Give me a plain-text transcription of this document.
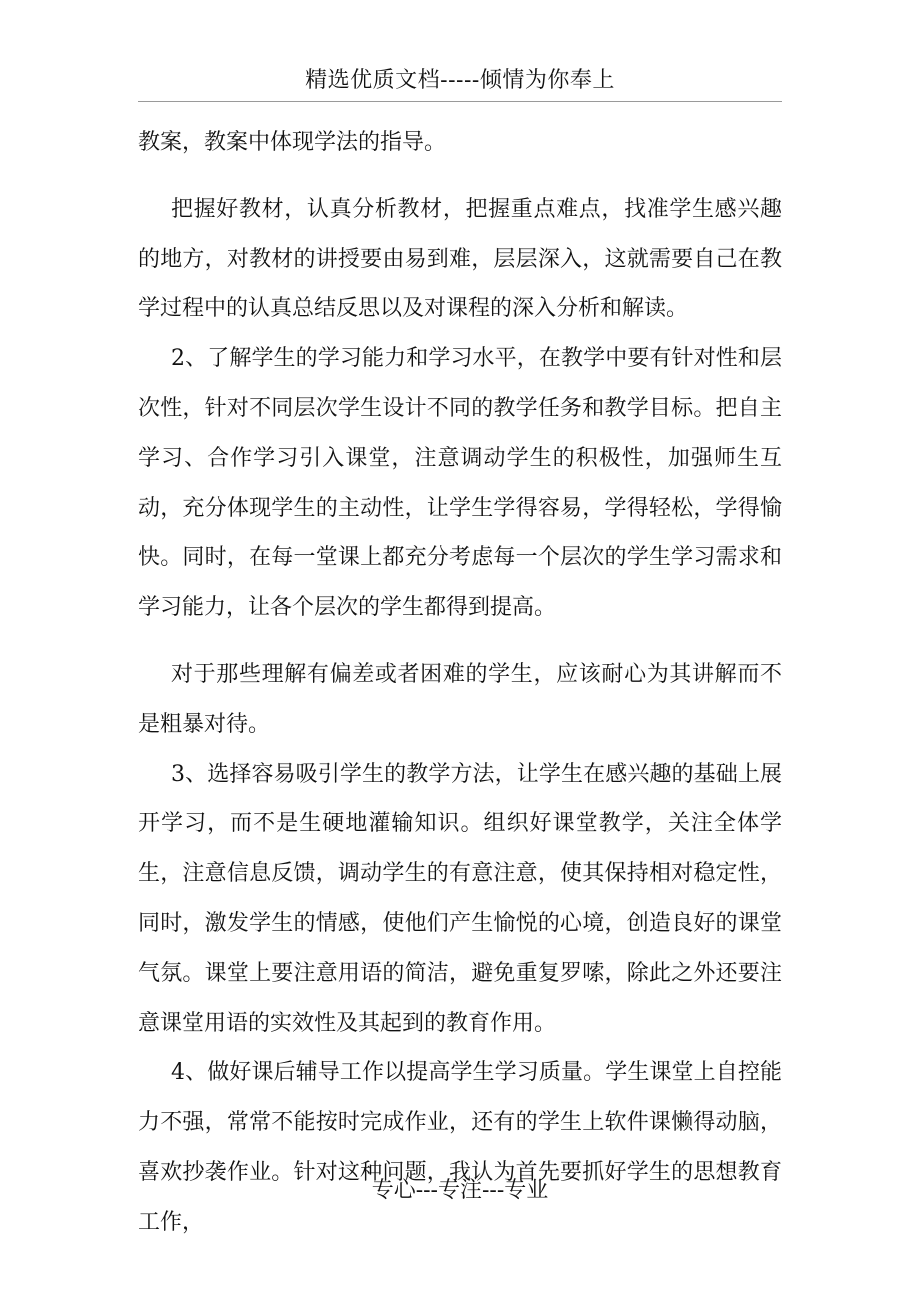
精选优质文档-----倾情为你奉上

教案，教案中体现学法的指导。

把握好教材，认真分析教材，把握重点难点，找准学生感兴趣的地方，对教材的讲授要由易到难，层层深入，这就需要自己在教学过程中的认真总结反思以及对课程的深入分析和解读。

2、了解学生的学习能力和学习水平，在教学中要有针对性和层次性，针对不同层次学生设计不同的教学任务和教学目标。把自主学习、合作学习引入课堂，注意调动学生的积极性，加强师生互动，充分体现学生的主动性，让学生学得容易，学得轻松，学得愉快。同时，在每一堂课上都充分考虑每一个层次的学生学习需求和学习能力，让各个层次的学生都得到提高。

对于那些理解有偏差或者困难的学生，应该耐心为其讲解而不是粗暴对待。

3、选择容易吸引学生的教学方法，让学生在感兴趣的基础上展开学习，而不是生硬地灌输知识。组织好课堂教学，关注全体学生，注意信息反馈，调动学生的有意注意，使其保持相对稳定性，同时，激发学生的情感，使他们产生愉悦的心境，创造良好的课堂气氛。课堂上要注意用语的简洁，避免重复罗嗦，除此之外还要注意课堂用语的实效性及其起到的教育作用。

4、做好课后辅导工作以提高学生学习质量。学生课堂上自控能力不强，常常不能按时完成作业，还有的学生上软件课懒得动脑，喜欢抄袭作业。针对这种问题，我认为首先要抓好学生的思想教育工作，

专心---专注---专业
